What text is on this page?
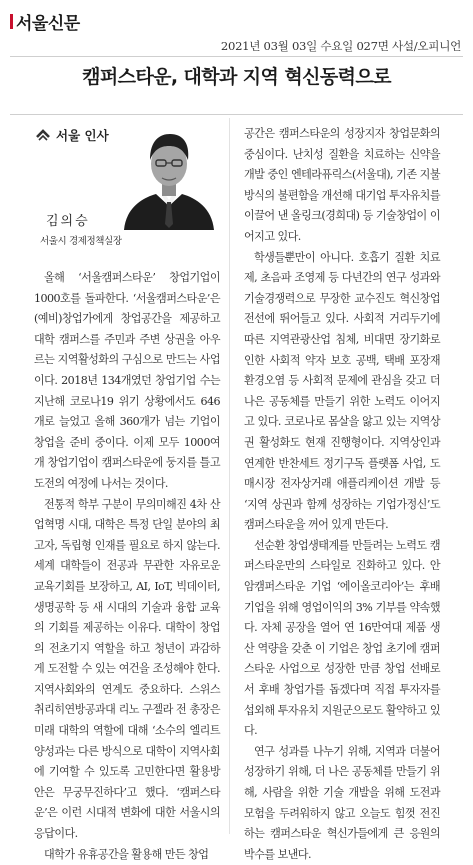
서울신문
2021년 03월 03일 수요일 027면 사설/오피니언
캠퍼스타운, 대학과 지역 혁신동력으로
서울 인사
김의승
서울시 경제정책실장

올해 ‘서울캠퍼스타운’ 창업기업이 1000호를 돌파한다. ‘서울캠퍼스타운’은 (예비)창업가에게 창업공간을 제공하고 대학 캠퍼스를 주민과 주변 상권을 아우르는 지역활성화의 구심으로 만드는 사업이다. 2018년 134개였던 창업기업 수는 지난해 코로나19 위기 상황에서도 646개로 늘었고 올해 360개가 넘는 기업이 창업을 준비 중이다. 이제 모두 1000여개 창업기업이 캠퍼스타운에 둥지를 틀고 도전의 여정에 나서는 것이다.

전통적 학부 구분이 무의미해진 4차 산업혁명 시대, 대학은 특정 단일 분야의 최고자, 독립형 인재를 필요로 하지 않는다. 세계 대학들이 전공과 무관한 자유로운 교육기회를 보장하고, AI, IoT, 빅데이터, 생명공학 등 새 시대의 기술과 융합 교육의 기회를 제공하는 이유다. 대학이 창업의 전초기지 역할을 하고 청년이 과감하게 도전할 수 있는 여건을 조성해야 한다. 지역사회와의 연계도 중요하다. 스위스 취리히연방공과대 리노 구젤라 전 총장은 미래 대학의 역할에 대해 ‘소수의 엘리트 양성과는 다른 방식으로 대학이 지역사회에 기여할 수 있도록 고민한다면 활용방안은 무궁무진하다’고 했다. ‘캠퍼스타운’은 이런 시대적 변화에 대한 서울시의 응답이다.

대학가 유휴공간을 활용해 만든 창업

공간은 캠퍼스타운의 성장지자 창업문화의 중심이다. 난치성 질환을 치료하는 신약을 개발 중인 엔테라퓨릭스(서울대), 기존 지불방식의 불편함을 개선해 대기업 투자유치를 이끌어 낸 올링크(경희대) 등 기술창업이 이어지고 있다.

학생들뿐만이 아니다. 호흡기 질환 치료제, 초음파 조영제 등 다년간의 연구 성과와 기술경쟁력으로 무장한 교수진도 혁신창업 전선에 뛰어들고 있다. 사회적 거리두기에 따른 지역관광산업 침체, 비대면 장기화로 인한 사회적 약자 보호 공백, 택배 포장재 환경오염 등 사회적 문제에 관심을 갖고 더 나은 공동체를 만들기 위한 노력도 이어지고 있다. 코로나로 몸살을 앓고 있는 지역상권 활성화도 현재 진행형이다. 지역상인과 연계한 반찬세트 정기구독 플랫폼 사업, 도매시장 전자상거래 애플리케이션 개발 등 ‘지역 상권과 함께 성장하는 기업가정신’도 캠퍼스타운을 꺼어 있게 만든다.

선순환 창업생태계를 만들려는 노력도 캠퍼스타운만의 스타일로 진화하고 있다. 안암캠퍼스타운 기업 ‘에이올코리아’는 후배기업을 위해 영업이익의 3% 기부를 약속했다. 자체 공장을 열어 연 16만여대 제품 생산 역량을 갖춘 이 기업은 창업 초기에 캠퍼스타운 사업으로 성장한 만큼 창업 선배로서 후배 창업가를 돕겠다며 직접 투자자를 섭외해 투자유치 지원군으로도 활약하고 있다.

연구 성과를 나누기 위해, 지역과 더불어 성장하기 위해, 더 나은 공동체를 만들기 위해, 사람을 위한 기술 개발을 위해 도전과 모험을 두려워하지 않고 오늘도 힘껏 전진하는 캠퍼스타운 혁신가들에게 큰 응원의 박수를 보낸다.
